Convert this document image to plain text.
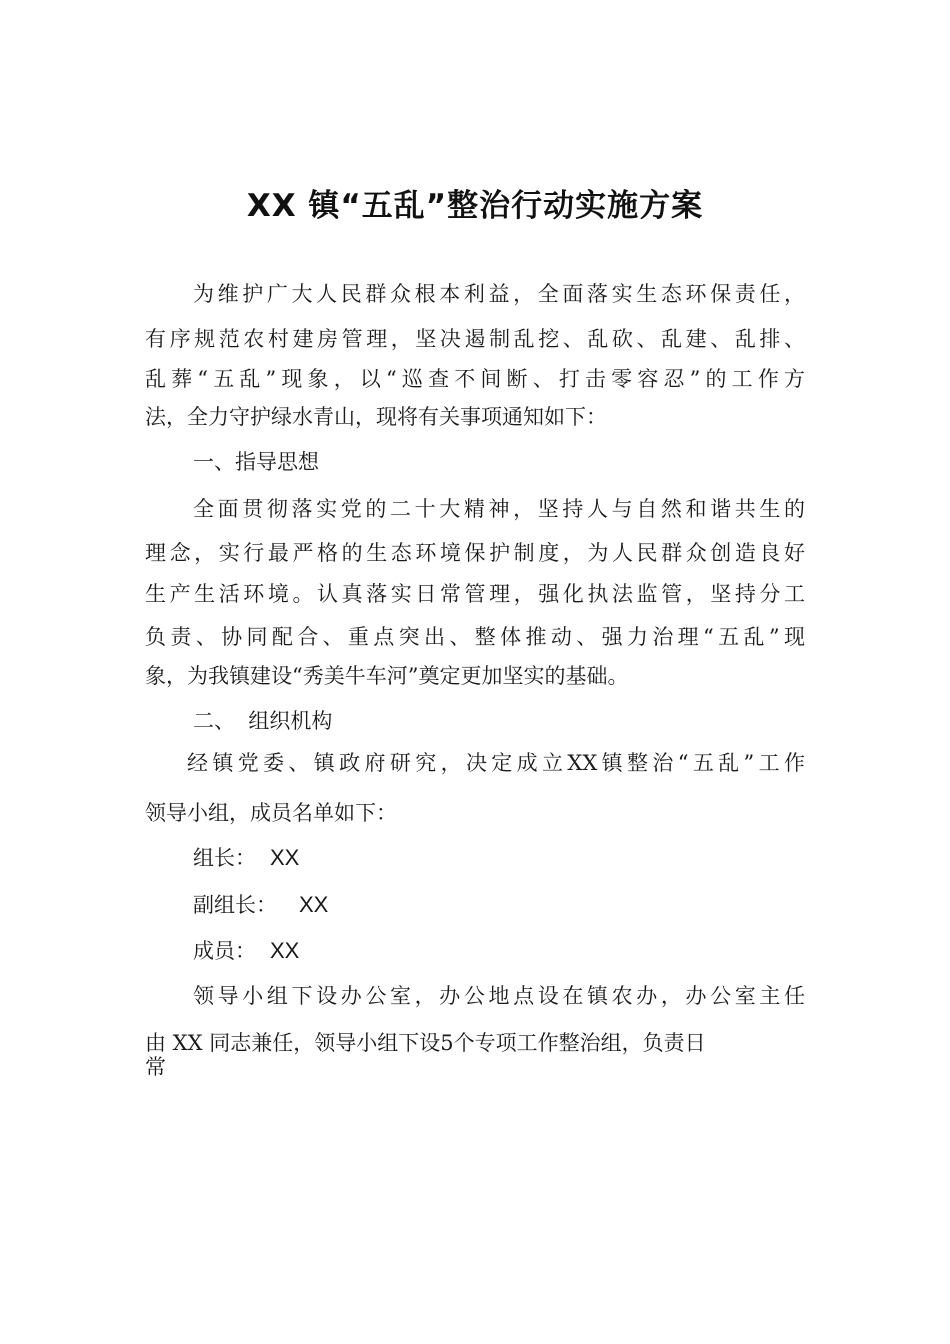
XX 镇“五乱”整治行动实施方案
为维护广大人民群众根本利益，全面落实生态环保责任，
有序规范农村建房管理，坚决遏制乱挖、乱砍、乱建、乱排、
乱葬“五乱”现象，以“巡查不间断、打击零容忍”的工作方
法，全力守护绿水青山，现将有关事项通知如下：
一、指导思想
全面贯彻落实党的二十大精神，坚持人与自然和谐共生的
理念，实行最严格的生态环境保护制度，为人民群众创造良好
生产生活环境。认真落实日常管理，强化执法监管，坚持分工
负责、协同配合、重点突出、整体推动、强力治理“五乱”现
象，为我镇建设“秀美牛车河”奠定更加坚实的基础。
二、  组织机构
经镇党委、镇政府研究，决定成立XX镇整治“五乱”工作
领导小组，成员名单如下：
组长： XX
副组长： XX
成员： XX
领导小组下设办公室，办公地点设在镇农办，办公室主任
由 XX 同志兼任，领导小组下设5个专项工作整治组，负责日
常
